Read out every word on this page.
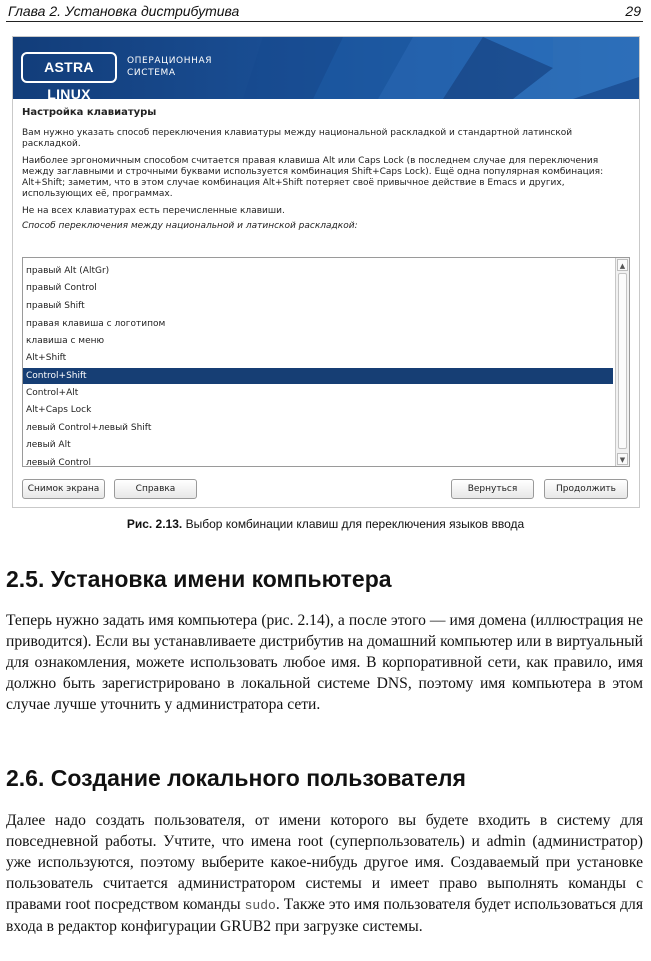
Глава 2. Установка дистрибутива	29
ASTRA LINUX
ОПЕРАЦИОННАЯ
СИСТЕМА
Настройка клавиатуры

Вам нужно указать способ переключения клавиатуры между национальной раскладкой и стандартной латинской раскладкой.

Наиболее эргономичным способом считается правая клавиша Alt или Caps Lock (в последнем случае для переключения между заглавными и строчными буквами используется комбинация Shift+Caps Lock). Ещё одна популярная комбинация: Alt+Shift; заметим, что в этом случае комбинация Alt+Shift потеряет своё привычное действие в Emacs и других, использующих её, программах.

Не на всех клавиатурах есть перечисленные клавиши.

Способ переключения между национальной и латинской раскладкой:

правый Alt (AltGr)
правый Control
правый Shift
правая клавиша с логотипом
клавиша с меню
Alt+Shift
Control+Shift
Control+Alt
Alt+Caps Lock
левый Control+левый Shift
левый Alt
левый Control
▲
▼
Снимок экрана	Справка	Вернуться	Продолжить
Рис. 2.13. Выбор комбинации клавиш для переключения языков ввода
2.5. Установка имени компьютера

Теперь нужно задать имя компьютера (рис. 2.14), а после этого — имя домена (иллюстрация не приводится). Если вы устанавливаете дистрибутив на домашний компьютер или в виртуальный для ознакомления, можете использовать любое имя. В корпоративной сети, как правило, имя должно быть зарегистрировано в локальной системе DNS, поэтому имя компьютера в этом случае лучше уточнить у администратора сети.

2.6. Создание локального пользователя

Далее надо создать пользователя, от имени которого вы будете входить в систему для повседневной работы. Учтите, что имена root (суперпользователь) и admin (администратор) уже используются, поэтому выберите какое-нибудь другое имя. Создаваемый при установке пользователь считается администратором системы и имеет право выполнять команды с правами root посредством команды sudo. Также это имя пользователя будет использоваться для входа в редактор конфигурации GRUB2 при загрузке системы.
